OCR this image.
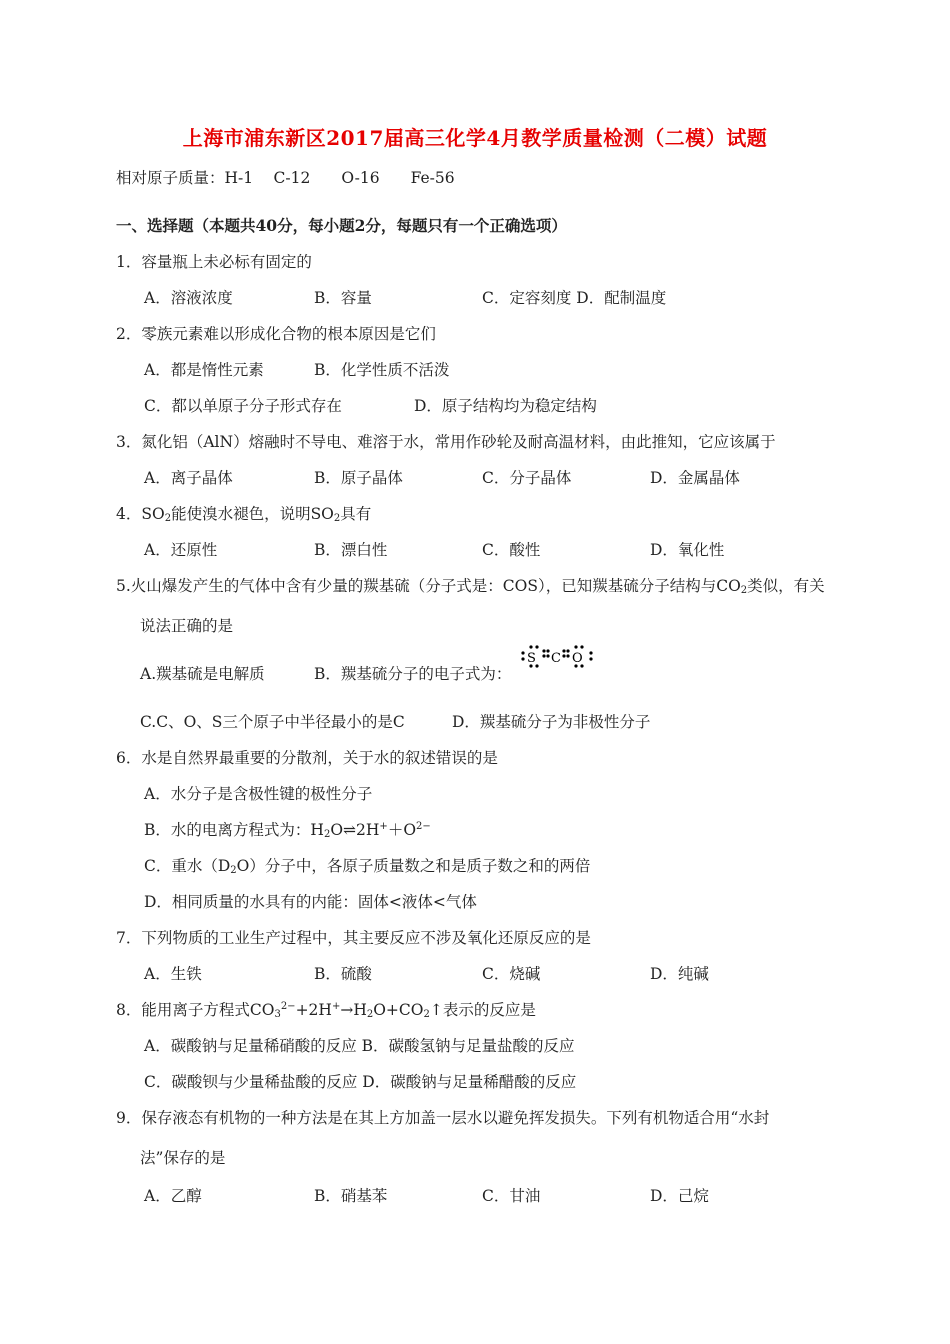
上海市浦东新区2017届高三化学4月教学质量检测（二模）试题
相对原子质量：H-1　 C-12　　O-16　　Fe-56
一、选择题（本题共40分，每小题2分，每题只有一个正确选项）
1．容量瓶上未必标有固定的
A．溶液浓度	B．容量	C．定容刻度 D．配制温度
2．零族元素难以形成化合物的根本原因是它们
A．都是惰性元素	B．化学性质不活泼
C．都以单原子分子形式存在	D．原子结构均为稳定结构
3．氮化铝（AlN）熔融时不导电、难溶于水，常用作砂轮及耐高温材料，由此推知，它应该属于
A．离子晶体	B．原子晶体	C．分子晶体	D．金属晶体
4．$SO_2$能使溴水褪色，说明$SO_2$具有
A．还原性	B．漂白性	C．酸性	D．氧化性
5.火山爆发产生的气体中含有少量的羰基硫（分子式是：COS），已知羰基硫分子结构与$CO_2$类似，有关
说法正确的是
A.羰基硫是电解质	B．羰基硫分子的电子式为：
S C O
C.C、O、S三个原子中半径最小的是C	D．羰基硫分子为非极性分子
6．水是自然界最重要的分散剂，关于水的叙述错误的是
A．水分子是含极性键的极性分子
B．水的电离方程式为：$H_2O\rightleftharpoons 2H^++O^{2-}$
C．重水$(D_2O)$分子中，各原子质量数之和是质子数之和的两倍
D．相同质量的水具有的内能：固体<液体<气体
7．下列物质的工业生产过程中，其主要反应不涉及氧化还原反应的是
A．生铁	B．硫酸	C．烧碱	D．纯碱
8．能用离子方程式$CO_3^{2-}+2H^+\to H_2O+CO_2↑$表示的反应是
A．碳酸钠与足量稀硝酸的反应 B．碳酸氢钠与足量盐酸的反应
C．碳酸钡与少量稀盐酸的反应 D．碳酸钠与足量稀醋酸的反应
9．保存液态有机物的一种方法是在其上方加盖一层水以避免挥发损失。下列有机物适合用“水封
法”保存的是
A．乙醇	B．硝基苯	C．甘油	D．己烷
